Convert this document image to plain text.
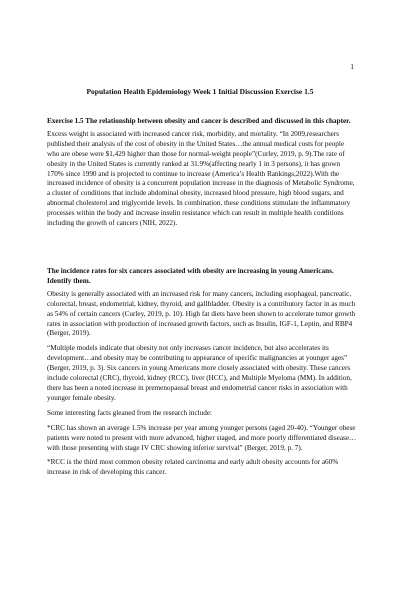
1
Population Health Epidemiology Week 1 Initial Discussion Exercise 1.5

Exercise 1.5 The relationship between obesity and cancer is described and discussed in this chapter.

Excess weight is associated with increased cancer risk, morbidity, and mortality. “In 2009,researchers published their analysis of the cost of obesity in the United States…the annual medical costs for people who are obese were $1,429 higher than those for normal-weight people”(Curley, 2019, p. 9).The rate of obesity in the United States is currently ranked at 31.9%(affecting nearly 1 in 3 persons), it has grown 170% since 1990 and is projected to continue to increase (America’s Health Rankings,2022).With the increased incidence of obesity is a concurrent population increase in the diagnosis of Metabolic Syndrome, a cluster of conditions that include abdominal obesity, increased blood pressure, high blood sugars, and abnormal cholesterol and triglyceride levels. In combination, these conditions stimulate the inflammatory processes within the body and increase insulin resistance which can result in multiple health conditions including the growth of cancers (NIH, 2022).

The incidence rates for six cancers associated with obesity are increasing in young Americans. Identify them.

Obesity is generally associated with an increased risk for many cancers, including esophageal, pancreatic, colorectal, breast, endometrial, kidney, thyroid, and gallbladder. Obesity is a contributory factor in as much as 54% of certain cancers (Curley, 2019, p. 10). High fat diets have been shown to accelerate tumor growth rates in association with production of increased growth factors, such as Insulin, IGF-1, Leptin, and RBP4 (Berger, 2019).

“Multiple models indicate that obesity not only increases cancer incidence, but also accelerates its development…and obesity may be contributing to appearance of specific malignancies at younger ages” (Berger, 2019, p. 3). Six cancers in young Americans more closely associated with obesity. These cancers include colorectal (CRC), thyroid, kidney (RCC), liver (HCC), and Multiple Myeloma (MM). In addition, there has been a noted increase in premenopausal breast and endometrial cancer risks in association with younger female obesity.

Some interesting facts gleaned from the research include:

*CRC has shown an average 1.5% increase per year among younger persons (aged 20-40). “Younger obese patients were noted to present with more advanced, higher staged, and more poorly differentiated disease…with those presenting with stage IV CRC showing inferior survival” (Berger, 2019, p. 7).

*RCC is the third most common obesity related carcinoma and early adult obesity accounts for a60% increase in risk of developing this cancer.
